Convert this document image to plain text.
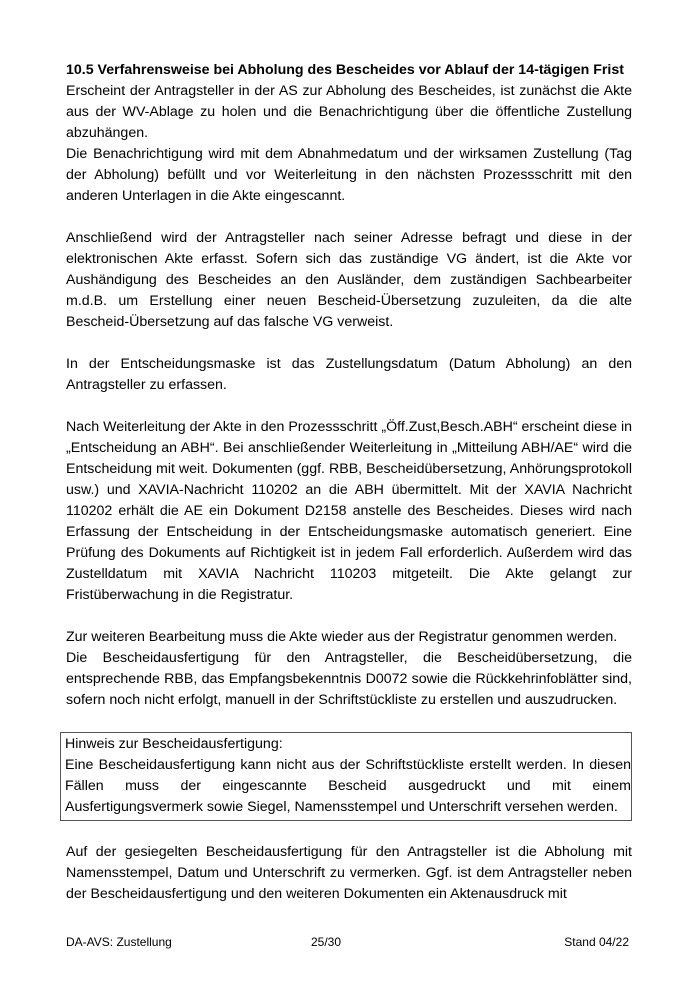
10.5 Verfahrensweise bei Abholung des Bescheides vor Ablauf der 14-tägigen Frist

Erscheint der Antragsteller in der AS zur Abholung des Bescheides, ist zunächst die Akte aus der WV-Ablage zu holen und die Benachrichtigung über die öffentliche Zustellung abzuhängen.

Die Benachrichtigung wird mit dem Abnahmedatum und der wirksamen Zustellung (Tag der Abholung) befüllt und vor Weiterleitung in den nächsten Prozessschritt mit den anderen Unterlagen in die Akte eingescannt.

Anschließend wird der Antragsteller nach seiner Adresse befragt und diese in der elektronischen Akte erfasst. Sofern sich das zuständige VG ändert, ist die Akte vor Aushändigung des Bescheides an den Ausländer, dem zuständigen Sachbearbeiter m.d.B. um Erstellung einer neuen Bescheid-Übersetzung zuzuleiten, da die alte Bescheid-Übersetzung auf das falsche VG verweist.

In der Entscheidungsmaske ist das Zustellungsdatum (Datum Abholung) an den Antragsteller zu erfassen.

Nach Weiterleitung der Akte in den Prozessschritt „Öff.Zust,Besch.ABH“ erscheint diese in „Entscheidung an ABH“. Bei anschließender Weiterleitung in „Mitteilung ABH/AE“ wird die Entscheidung mit weit. Dokumenten (ggf. RBB, Bescheidübersetzung, Anhörungsprotokoll usw.) und XAVIA-Nachricht 110202 an die ABH übermittelt. Mit der XAVIA Nachricht 110202 erhält die AE ein Dokument D2158 anstelle des Bescheides. Dieses wird nach Erfassung der Entscheidung in der Entscheidungsmaske automatisch generiert. Eine Prüfung des Dokuments auf Richtigkeit ist in jedem Fall erforderlich. Außerdem wird das Zustelldatum mit XAVIA Nachricht 110203 mitgeteilt. Die Akte gelangt zur Fristüberwachung in die Registratur.

Zur weiteren Bearbeitung muss die Akte wieder aus der Registratur genommen werden.

Die Bescheidausfertigung für den Antragsteller, die Bescheidübersetzung, die entsprechende RBB, das Empfangsbekenntnis D0072 sowie die Rückkehrinfoblätter sind, sofern noch nicht erfolgt, manuell in der Schriftstückliste zu erstellen und auszudrucken.

Hinweis zur Bescheidausfertigung:

Eine Bescheidausfertigung kann nicht aus der Schriftstückliste erstellt werden. In diesen Fällen muss der eingescannte Bescheid ausgedruckt und mit einem Ausfertigungsvermerk sowie Siegel, Namensstempel und Unterschrift versehen werden.

Auf der gesiegelten Bescheidausfertigung für den Antragsteller ist die Abholung mit Namensstempel, Datum und Unterschrift zu vermerken. Ggf. ist dem Antragsteller neben der Bescheidausfertigung und den weiteren Dokumenten ein Aktenausdruck mit

DA-AVS: Zustellung	25/30	Stand 04/22
